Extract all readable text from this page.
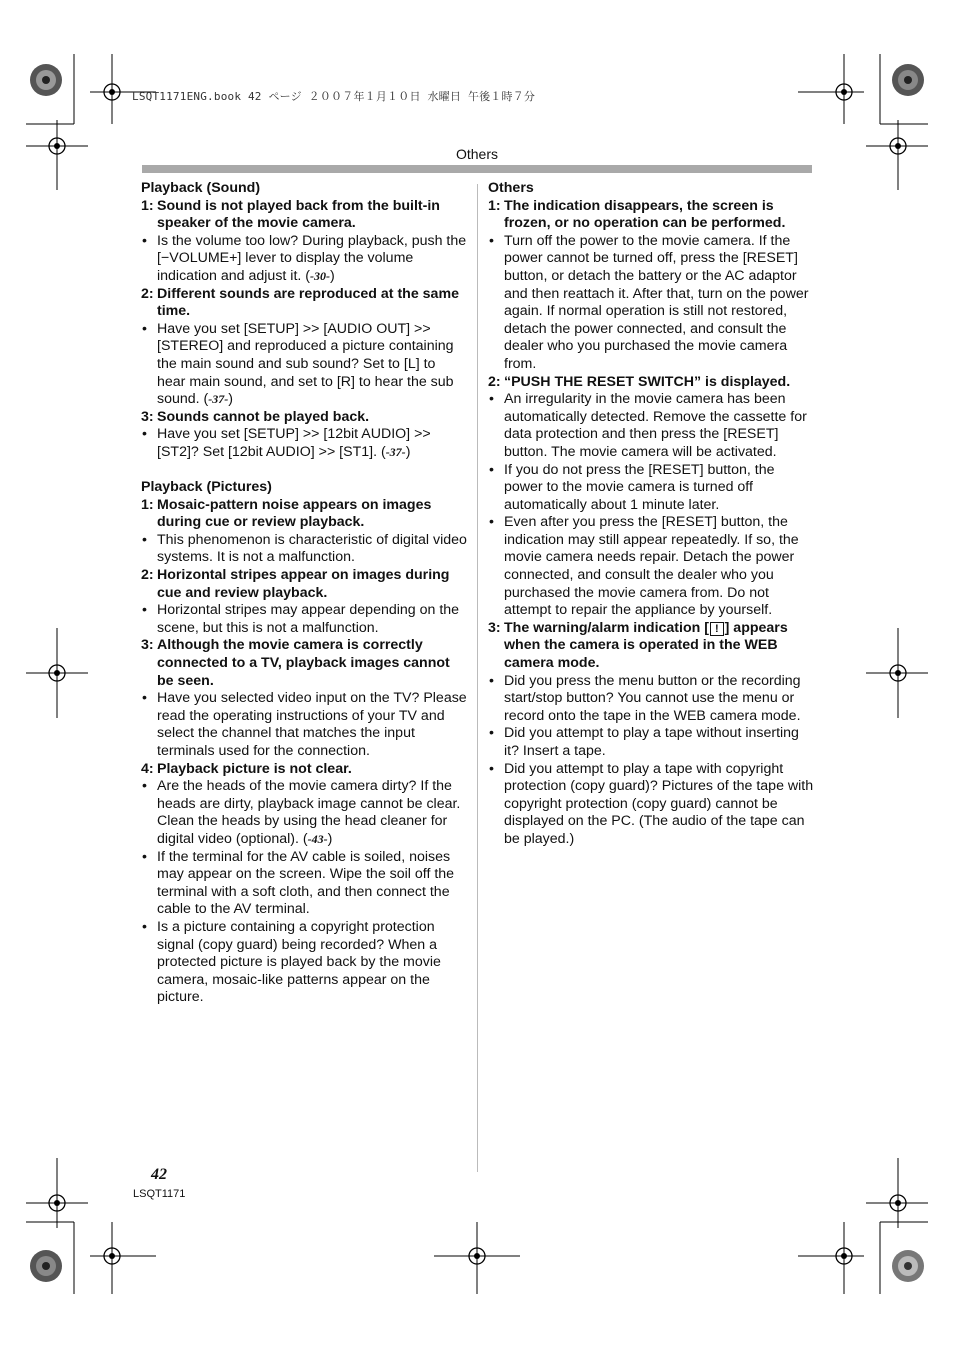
LSQT1171ENG.book 42 ページ ２００７年１月１０日 水曜日 午後１時７分
Others
Playback (Sound)
1: Sound is not played back from the built-in speaker of the movie camera.
• Is the volume too low? During playback, push the [−VOLUME+] lever to display the volume indication and adjust it. (-30-)
2: Different sounds are reproduced at the same time.
• Have you set [SETUP] >> [AUDIO OUT] >> [STEREO] and reproduced a picture containing the main sound and sub sound? Set to [L] to hear main sound, and set to [R] to hear the sub sound. (-37-)
3: Sounds cannot be played back.
• Have you set [SETUP] >> [12bit AUDIO] >> [ST2]? Set [12bit AUDIO] >> [ST1]. (-37-)
Playback (Pictures)
1: Mosaic-pattern noise appears on images during cue or review playback.
• This phenomenon is characteristic of digital video systems. It is not a malfunction.
2: Horizontal stripes appear on images during cue and review playback.
• Horizontal stripes may appear depending on the scene, but this is not a malfunction.
3: Although the movie camera is correctly connected to a TV, playback images cannot be seen.
• Have you selected video input on the TV? Please read the operating instructions of your TV and select the channel that matches the input terminals used for the connection.
4: Playback picture is not clear.
• Are the heads of the movie camera dirty? If the heads are dirty, playback image cannot be clear. Clean the heads by using the head cleaner for digital video (optional). (-43-)
• If the terminal for the AV cable is soiled, noises may appear on the screen. Wipe the soil off the terminal with a soft cloth, and then connect the cable to the AV terminal.
• Is a picture containing a copyright protection signal (copy guard) being recorded? When a protected picture is played back by the movie camera, mosaic-like patterns appear on the picture.
Others
1: The indication disappears, the screen is frozen, or no operation can be performed.
• Turn off the power to the movie camera. If the power cannot be turned off, press the [RESET] button, or detach the battery or the AC adaptor and then reattach it. After that, turn on the power again. If normal operation is still not restored, detach the power connected, and consult the dealer who you purchased the movie camera from.
2: “PUSH THE RESET SWITCH” is displayed.
• An irregularity in the movie camera has been automatically detected. Remove the cassette for data protection and then press the [RESET] button. The movie camera will be activated.
• If you do not press the [RESET] button, the power to the movie camera is turned off automatically about 1 minute later.
• Even after you press the [RESET] button, the indication may still appear repeatedly. If so, the movie camera needs repair. Detach the power connected, and consult the dealer who you purchased the movie camera from. Do not attempt to repair the appliance by yourself.
3: The warning/alarm indication [ ! ] appears when the camera is operated in the WEB camera mode.
• Did you press the menu button or the recording start/stop button? You cannot use the menu or record onto the tape in the WEB camera mode.
• Did you attempt to play a tape without inserting it? Insert a tape.
• Did you attempt to play a tape with copyright protection (copy guard)? Pictures of the tape with copyright protection (copy guard) cannot be displayed on the PC. (The audio of the tape can be played.)
42
LSQT1171
